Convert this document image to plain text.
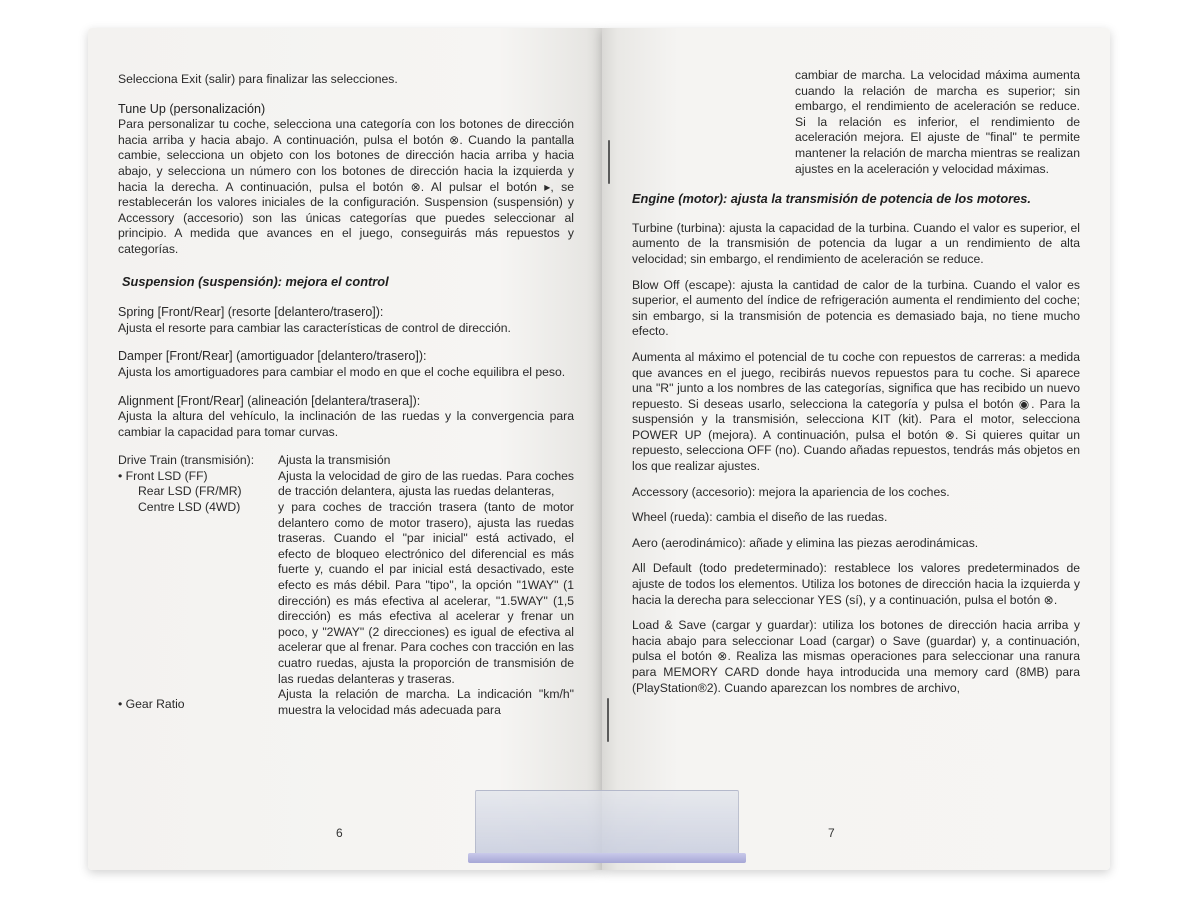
Selecciona Exit (salir) para finalizar las selecciones.

Tune Up (personalización)

Para personalizar tu coche, selecciona una categoría con los botones de dirección hacia arriba y hacia abajo. A continuación, pulsa el botón ⊗. Cuando la pantalla cambie, selecciona un objeto con los botones de dirección hacia arriba y hacia abajo, y selecciona un número con los botones de dirección hacia la izquierda y hacia la derecha. A continuación, pulsa el botón ⊗. Al pulsar el botón ▸, se restablecerán los valores iniciales de la configuración. Suspension (suspensión) y Accessory (accesorio) son las únicas categorías que puedes seleccionar al principio. A medida que avances en el juego, conseguirás más repuestos y categorías.

Suspension (suspensión): mejora el control

Spring [Front/Rear] (resorte [delantero/trasero]):

Ajusta el resorte para cambiar las características de control de dirección.

Damper [Front/Rear] (amortiguador [delantero/trasero]):

Ajusta los amortiguadores para cambiar el modo en que el coche equilibra el peso.

Alignment [Front/Rear] (alineación [delantera/trasera]):

Ajusta la altura del vehículo, la inclinación de las ruedas y la convergencia para cambiar la capacidad para tomar curvas.

Drive Train (transmisión):	Ajusta la transmisión
• Front LSD (FF)
Rear LSD (FR/MR)
Ajusta la velocidad de giro de las ruedas. Para coches de tracción delantera, ajusta las ruedas delanteras,
Centre LSD (4WD)	y para coches de tracción trasera (tanto de motor delantero como de motor trasero), ajusta las ruedas traseras. Cuando el "par inicial" está activado, el efecto de bloqueo electrónico del diferencial es más fuerte y, cuando el par inicial está desactivado, este efecto es más débil. Para "tipo", la opción "1WAY" (1 dirección) es más efectiva al acelerar, "1.5WAY" (1,5 dirección) es más efectiva al acelerar y frenar un poco, y "2WAY" (2 direcciones) es igual de efectiva al acelerar que al frenar. Para coches con tracción en las cuatro ruedas, ajusta la proporción de transmisión de las ruedas delanteras y traseras.
• Gear Ratio
Ajusta la relación de marcha. La indicación "km/h" muestra la velocidad más adecuada para
6

cambiar de marcha. La velocidad máxima aumenta cuando la relación de marcha es superior; sin embargo, el rendimiento de aceleración se reduce. Si la relación es inferior, el rendimiento de aceleración mejora. El ajuste de "final" te permite mantener la relación de marcha mientras se realizan ajustes en la aceleración y velocidad máximas.

Engine (motor): ajusta la transmisión de potencia de los motores.

Turbine (turbina): ajusta la capacidad de la turbina. Cuando el valor es superior, el aumento de la transmisión de potencia da lugar a un rendimiento de alta velocidad; sin embargo, el rendimiento de aceleración se reduce.

Blow Off (escape): ajusta la cantidad de calor de la turbina. Cuando el valor es superior, el aumento del índice de refrigeración aumenta el rendimiento del coche; sin embargo, si la transmisión de potencia es demasiado baja, no tiene mucho efecto.

Aumenta al máximo el potencial de tu coche con repuestos de carreras: a medida que avances en el juego, recibirás nuevos repuestos para tu coche. Si aparece una "R" junto a los nombres de las categorías, significa que has recibido un nuevo repuesto. Si deseas usarlo, selecciona la categoría y pulsa el botón ◉. Para la suspensión y la transmisión, selecciona KIT (kit). Para el motor, selecciona POWER UP (mejora). A continuación, pulsa el botón ⊗. Si quieres quitar un repuesto, selecciona OFF (no). Cuando añadas repuestos, tendrás más objetos en los que realizar ajustes.

Accessory (accesorio): mejora la apariencia de los coches.

Wheel (rueda): cambia el diseño de las ruedas.

Aero (aerodinámico): añade y elimina las piezas aerodinámicas.

All Default (todo predeterminado): restablece los valores predeterminados de ajuste de todos los elementos. Utiliza los botones de dirección hacia la izquierda y hacia la derecha para seleccionar YES (sí), y a continuación, pulsa el botón ⊗.

Load & Save (cargar y guardar): utiliza los botones de dirección hacia arriba y hacia abajo para seleccionar Load (cargar) o Save (guardar) y, a continuación, pulsa el botón ⊗. Realiza las mismas operaciones para seleccionar una ranura para MEMORY CARD donde haya introducida una memory card (8MB) para (PlayStation®2). Cuando aparezcan los nombres de archivo,

7
